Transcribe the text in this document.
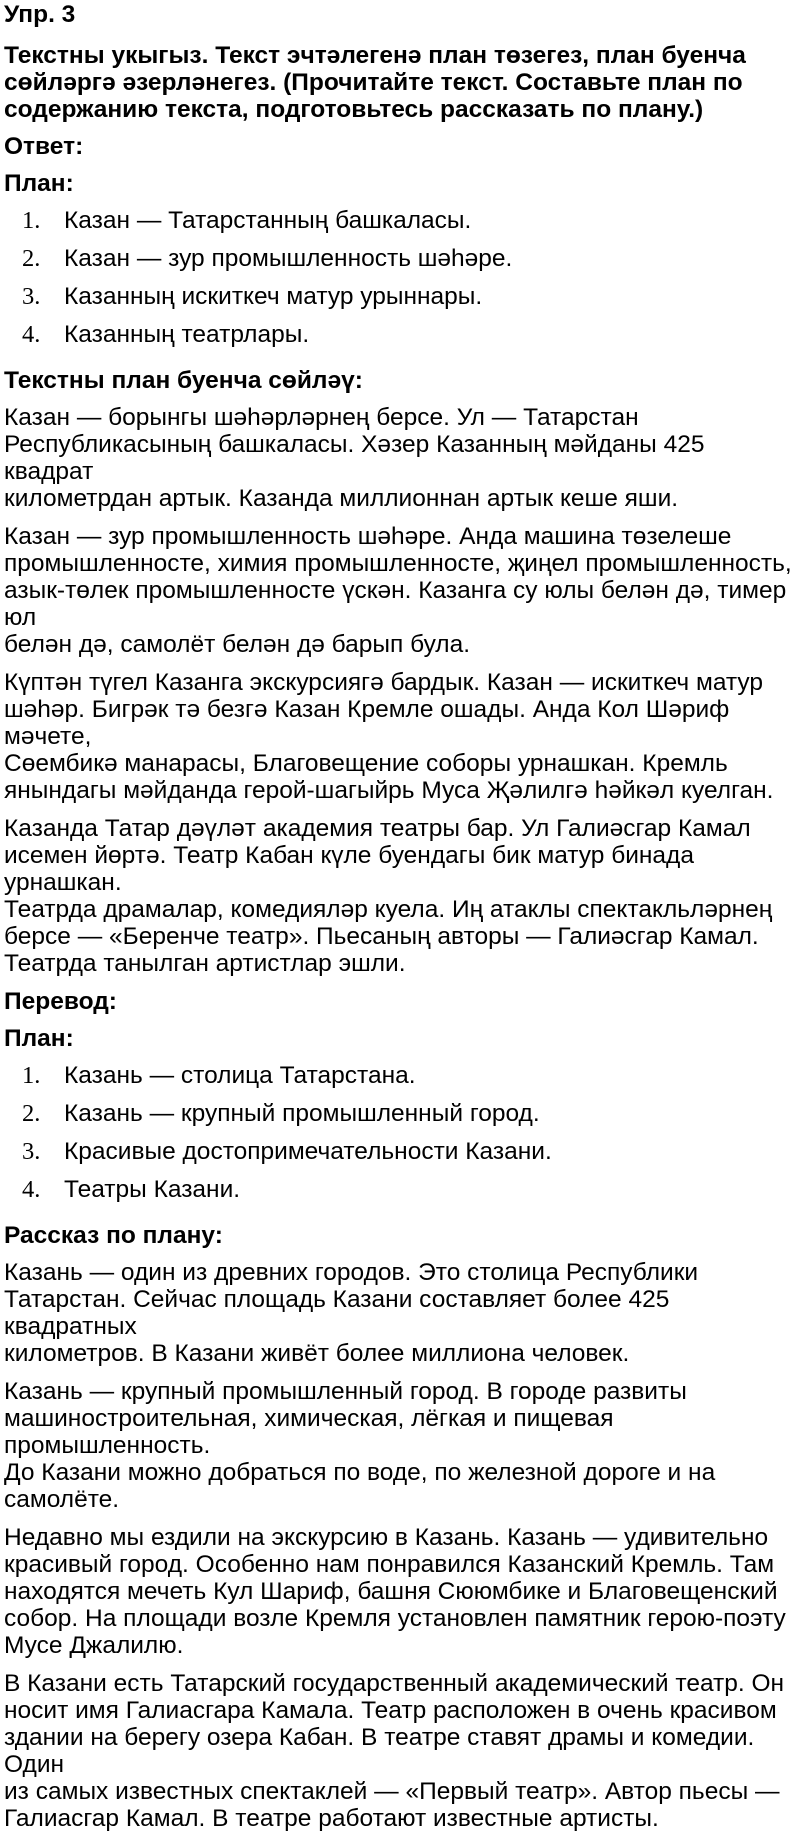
Упр. 3
Текстны укыгыз. Текст эчтәлегенә план төзегез, план буенча
сөйләргә әзерләнегез. (Прочитайте текст. Составьте план по
содержанию текста, подготовьтесь рассказать по плану.)
Ответ:
План:
1. Казан — Татарстанның башкаласы.
2. Казан — зур промышленность шәһәре.
3. Казанның искиткеч матур урыннары.
4. Казанның театрлары.
Текстны план буенча сөйләү:
Казан — борынгы шәһәрләрнең берсе. Ул — Татарстан
Республикасының башкаласы. Хәзер Казанның мәйданы 425 квадрат
километрдан артык. Казанда миллионнан артык кеше яши.
Казан — зур промышленность шәһәре. Анда машина төзелеше
промышленносте, химия промышленносте, җиңел промышленность,
азык-төлек промышленносте үскән. Казанга су юлы белән дә, тимер юл
белән дә, самолёт белән дә барып була.
Күптән түгел Казанга экскурсиягә бардык. Казан — искиткеч матур
шәһәр. Бигрәк тә безгә Казан Кремле ошады. Анда Кол Шәриф мәчете,
Сөембикә манарасы, Благовещение соборы урнашкан. Кремль
янындагы мәйданда герой-шагыйрь Муса Җәлилгә һәйкәл куелган.
Казанда Татар дәүләт академия театры бар. Ул Галиәсгар Камал
исемен йөртә. Театр Кабан күле буендагы бик матур бинада урнашкан.
Театрда драмалар, комедияләр куела. Иң атаклы спектакльләрнең
берсе — «Беренче театр». Пьесаның авторы — Галиәсгар Камал.
Театрда танылган артистлар эшли.
Перевод:
План:
1. Казань — столица Татарстана.
2. Казань — крупный промышленный город.
3. Красивые достопримечательности Казани.
4. Театры Казани.
Рассказ по плану:
Казань — один из древних городов. Это столица Республики
Татарстан. Сейчас площадь Казани составляет более 425 квадратных
километров. В Казани живёт более миллиона человек.
Казань — крупный промышленный город. В городе развиты
машиностроительная, химическая, лёгкая и пищевая промышленность.
До Казани можно добраться по воде, по железной дороге и на
самолёте.
Недавно мы ездили на экскурсию в Казань. Казань — удивительно
красивый город. Особенно нам понравился Казанский Кремль. Там
находятся мечеть Кул Шариф, башня Сююмбике и Благовещенский
собор. На площади возле Кремля установлен памятник герою-поэту
Мусе Джалилю.
В Казани есть Татарский государственный академический театр. Он
носит имя Галиасгара Камала. Театр расположен в очень красивом
здании на берегу озера Кабан. В театре ставят драмы и комедии. Один
из самых известных спектаклей — «Первый театр». Автор пьесы —
Галиасгар Камал. В театре работают известные артисты.
